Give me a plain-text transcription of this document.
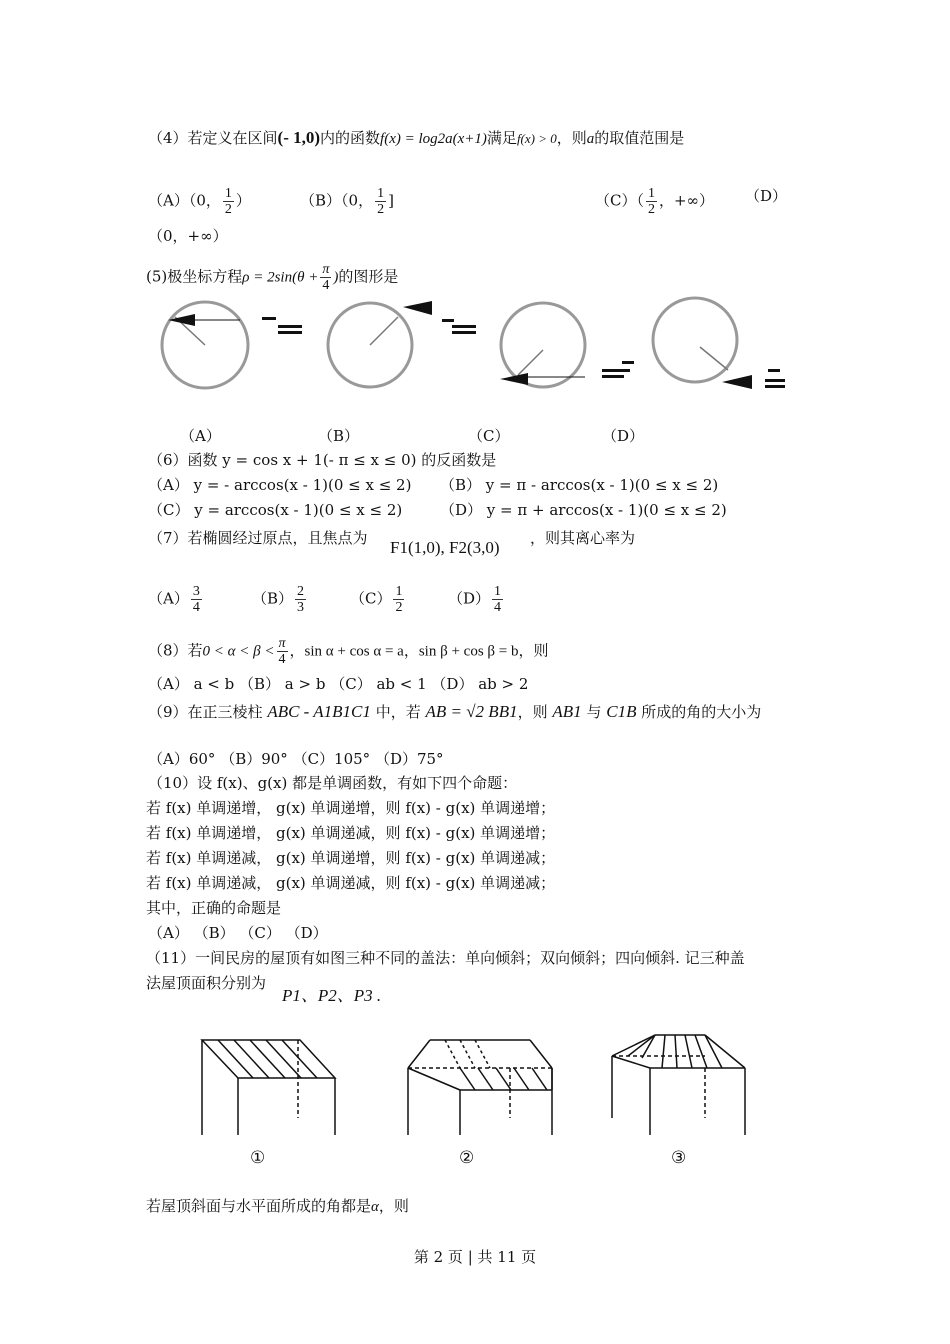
（4）若定义在区间(- 1,0)内的函数f(x) = log2a(x+1)满足f(x) > 0，则a的取值范围是
（A）（0， $\frac{1}{2}$ ）	（B）（0， $\frac{1}{2}$ ]	$(C)( \frac{1}{2}$ ，+∞） （D）
（0，+∞）
(5)极坐标方程$\rho = 2\sin(\theta + \frac{\pi}{4}$ )的图形是
（A）	（B）	（C）	（D）
（6）函数 y = cos x + 1(- π ≤ x ≤ 0) 的反函数是
（A） y = - arccos(x - 1)(0 ≤ x ≤ 2) （B） y = π - arccos(x - 1)(0 ≤ x ≤ 2)
（C） y = arccos(x - 1)(0 ≤ x ≤ 2)	（D） y = π + arccos(x - 1)(0 ≤ x ≤ 2)
（7）若椭圆经过原点，且焦点为 F1(1,0), F2(3,0) ，则其离心率为
$(A) \frac{3}{4}$	$(B) \frac{2}{3}$	$(C) \frac{1}{2}$	$(D) \frac{1}{4}$
（8）若$0 < \alpha < \beta < \frac{\pi}{4}$ ，sin α + cos α = a，sin β + cos β = b，则
（A） a < b （B） a > b （C） ab < 1 （D） ab > 2
（9）在正三棱柱 ABC - A1B1C1 中，若 AB = √2 BB1，则 AB1 与 C1B 所成的角的大小为
（A）60° （B）90° （C）105° （D）75°
（10）设 f(x)、g(x) 都是单调函数，有如下四个命题：
若 f(x) 单调递增， g(x) 单调递增，则 f(x) - g(x) 单调递增；
若 f(x) 单调递增， g(x) 单调递减，则 f(x) - g(x) 单调递增；
若 f(x) 单调递减， g(x) 单调递增，则 f(x) - g(x) 单调递减；
若 f(x) 单调递减， g(x) 单调递减，则 f(x) - g(x) 单调递减；
其中，正确的命题是
（A） （B） （C） （D）
（11）一间民房的屋顶有如图三种不同的盖法：单向倾斜；双向倾斜；四向倾斜. 记三种盖
法屋顶面积分别为
P1、P2、P3 .
①	②	③
若屋顶斜面与水平面所成的角都是α，则
第 2 页 | 共 11 页
